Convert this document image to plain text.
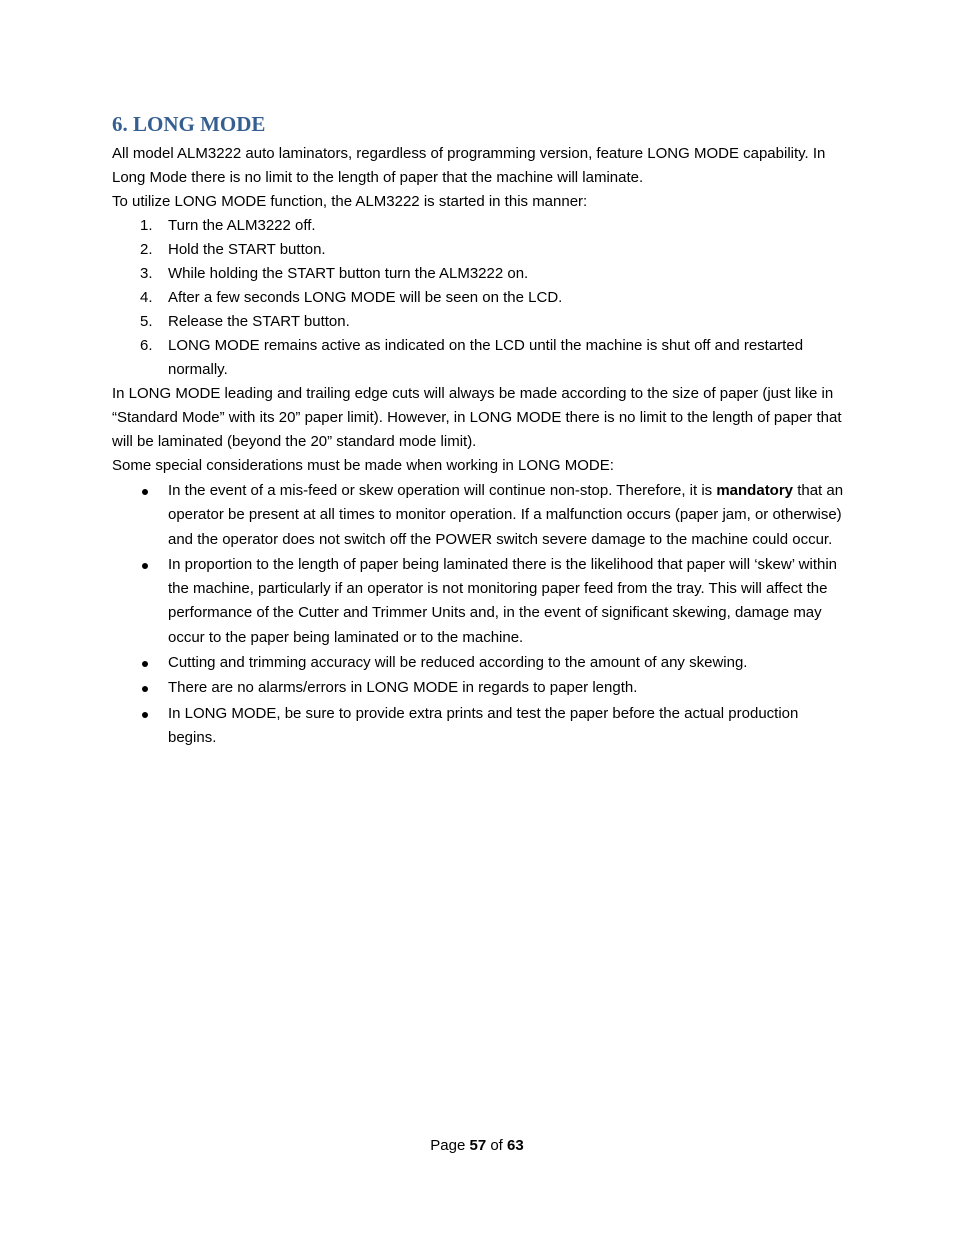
6. LONG MODE

All model ALM3222 auto laminators, regardless of programming version, feature LONG MODE capability. In Long Mode there is no limit to the length of paper that the machine will laminate.

To utilize LONG MODE function, the ALM3222 is started in this manner:

1. Turn the ALM3222 off.
2. Hold the START button.
3. While holding the START button turn the ALM3222 on.
4. After a few seconds LONG MODE will be seen on the LCD.
5. Release the START button.
6. LONG MODE remains active as indicated on the LCD until the machine is shut off and restarted normally.

In LONG MODE leading and trailing edge cuts will always be made according to the size of paper (just like in “Standard Mode” with its 20” paper limit). However, in LONG MODE there is no limit to the length of paper that will be laminated (beyond the 20” standard mode limit).

Some special considerations must be made when working in LONG MODE:

In the event of a mis-feed or skew operation will continue non-stop. Therefore, it is mandatory that an operator be present at all times to monitor operation. If a malfunction occurs (paper jam, or otherwise) and the operator does not switch off the POWER switch severe damage to the machine could occur.
In proportion to the length of paper being laminated there is the likelihood that paper will ‘skew’ within the machine, particularly if an operator is not monitoring paper feed from the tray. This will affect the performance of the Cutter and Trimmer Units and, in the event of significant skewing, damage may occur to the paper being laminated or to the machine.
Cutting and trimming accuracy will be reduced according to the amount of any skewing.
There are no alarms/errors in LONG MODE in regards to paper length.
In LONG MODE, be sure to provide extra prints and test the paper before the actual production begins.
Page 57 of 63
